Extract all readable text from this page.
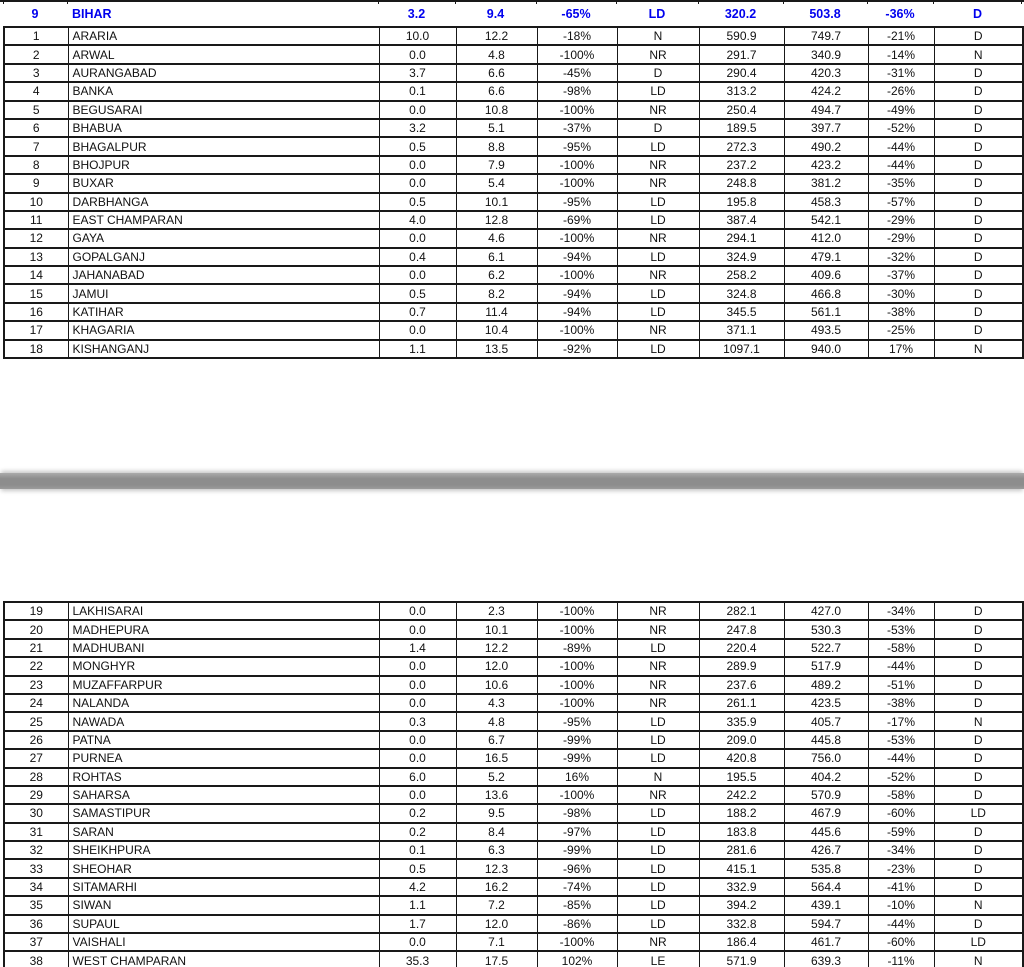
9	BIHAR	3.2	9.4	-65%	LD	320.2	503.8	-36%	D
1	ARARIA	10.0	12.2	-18%	N	590.9	749.7	-21%	D
2	ARWAL	0.0	4.8	-100%	NR	291.7	340.9	-14%	N
3	AURANGABAD	3.7	6.6	-45%	D	290.4	420.3	-31%	D
4	BANKA	0.1	6.6	-98%	LD	313.2	424.2	-26%	D
5	BEGUSARAI	0.0	10.8	-100%	NR	250.4	494.7	-49%	D
6	BHABUA	3.2	5.1	-37%	D	189.5	397.7	-52%	D
7	BHAGALPUR	0.5	8.8	-95%	LD	272.3	490.2	-44%	D
8	BHOJPUR	0.0	7.9	-100%	NR	237.2	423.2	-44%	D
9	BUXAR	0.0	5.4	-100%	NR	248.8	381.2	-35%	D
10	DARBHANGA	0.5	10.1	-95%	LD	195.8	458.3	-57%	D
11	EAST CHAMPARAN	4.0	12.8	-69%	LD	387.4	542.1	-29%	D
12	GAYA	0.0	4.6	-100%	NR	294.1	412.0	-29%	D
13	GOPALGANJ	0.4	6.1	-94%	LD	324.9	479.1	-32%	D
14	JAHANABAD	0.0	6.2	-100%	NR	258.2	409.6	-37%	D
15	JAMUI	0.5	8.2	-94%	LD	324.8	466.8	-30%	D
16	KATIHAR	0.7	11.4	-94%	LD	345.5	561.1	-38%	D
17	KHAGARIA	0.0	10.4	-100%	NR	371.1	493.5	-25%	D
18	KISHANGANJ	1.1	13.5	-92%	LD	1097.1	940.0	17%	N
19	LAKHISARAI	0.0	2.3	-100%	NR	282.1	427.0	-34%	D
20	MADHEPURA	0.0	10.1	-100%	NR	247.8	530.3	-53%	D
21	MADHUBANI	1.4	12.2	-89%	LD	220.4	522.7	-58%	D
22	MONGHYR	0.0	12.0	-100%	NR	289.9	517.9	-44%	D
23	MUZAFFARPUR	0.0	10.6	-100%	NR	237.6	489.2	-51%	D
24	NALANDA	0.0	4.3	-100%	NR	261.1	423.5	-38%	D
25	NAWADA	0.3	4.8	-95%	LD	335.9	405.7	-17%	N
26	PATNA	0.0	6.7	-99%	LD	209.0	445.8	-53%	D
27	PURNEA	0.0	16.5	-99%	LD	420.8	756.0	-44%	D
28	ROHTAS	6.0	5.2	16%	N	195.5	404.2	-52%	D
29	SAHARSA	0.0	13.6	-100%	NR	242.2	570.9	-58%	D
30	SAMASTIPUR	0.2	9.5	-98%	LD	188.2	467.9	-60%	LD
31	SARAN	0.2	8.4	-97%	LD	183.8	445.6	-59%	D
32	SHEIKHPURA	0.1	6.3	-99%	LD	281.6	426.7	-34%	D
33	SHEOHAR	0.5	12.3	-96%	LD	415.1	535.8	-23%	D
34	SITAMARHI	4.2	16.2	-74%	LD	332.9	564.4	-41%	D
35	SIWAN	1.1	7.2	-85%	LD	394.2	439.1	-10%	N
36	SUPAUL	1.7	12.0	-86%	LD	332.8	594.7	-44%	D
37	VAISHALI	0.0	7.1	-100%	NR	186.4	461.7	-60%	LD
38	WEST CHAMPARAN	35.3	17.5	102%	LE	571.9	639.3	-11%	N
